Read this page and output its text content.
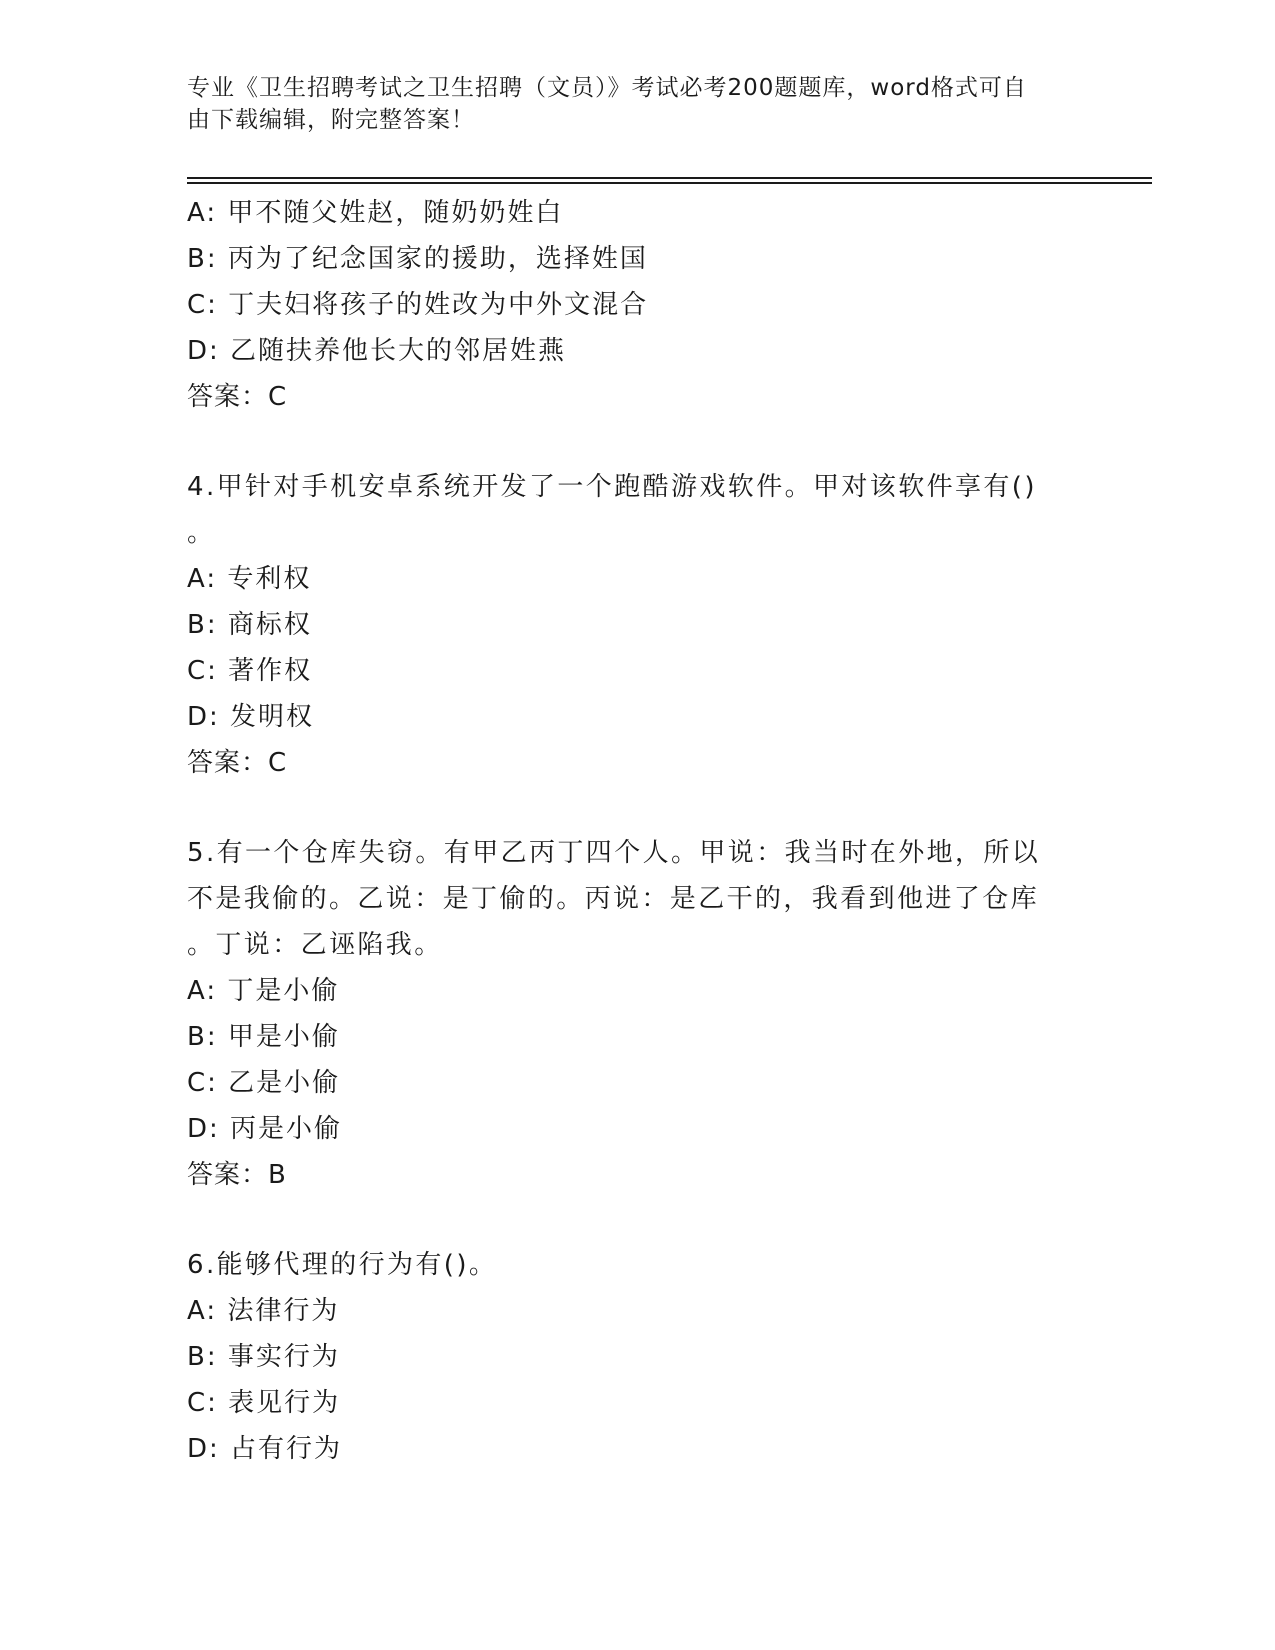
专业《卫生招聘考试之卫生招聘（文员）》考试必考200题题库，word格式可自
由下载编辑，附完整答案！
A: 甲不随父姓赵，随奶奶姓白
B: 丙为了纪念国家的援助，选择姓国
C: 丁夫妇将孩子的姓改为中外文混合
D: 乙随扶养他长大的邻居姓燕
答案：C
4.甲针对手机安卓系统开发了一个跑酷游戏软件。甲对该软件享有()
。
A: 专利权
B: 商标权
C: 著作权
D: 发明权
答案：C
5.有一个仓库失窃。有甲乙丙丁四个人。甲说：我当时在外地，所以
不是我偷的。乙说：是丁偷的。丙说：是乙干的，我看到他进了仓库
。丁说：乙诬陷我。
A: 丁是小偷
B: 甲是小偷
C: 乙是小偷
D: 丙是小偷
答案：B
6.能够代理的行为有()。
A: 法律行为
B: 事实行为
C: 表见行为
D: 占有行为
